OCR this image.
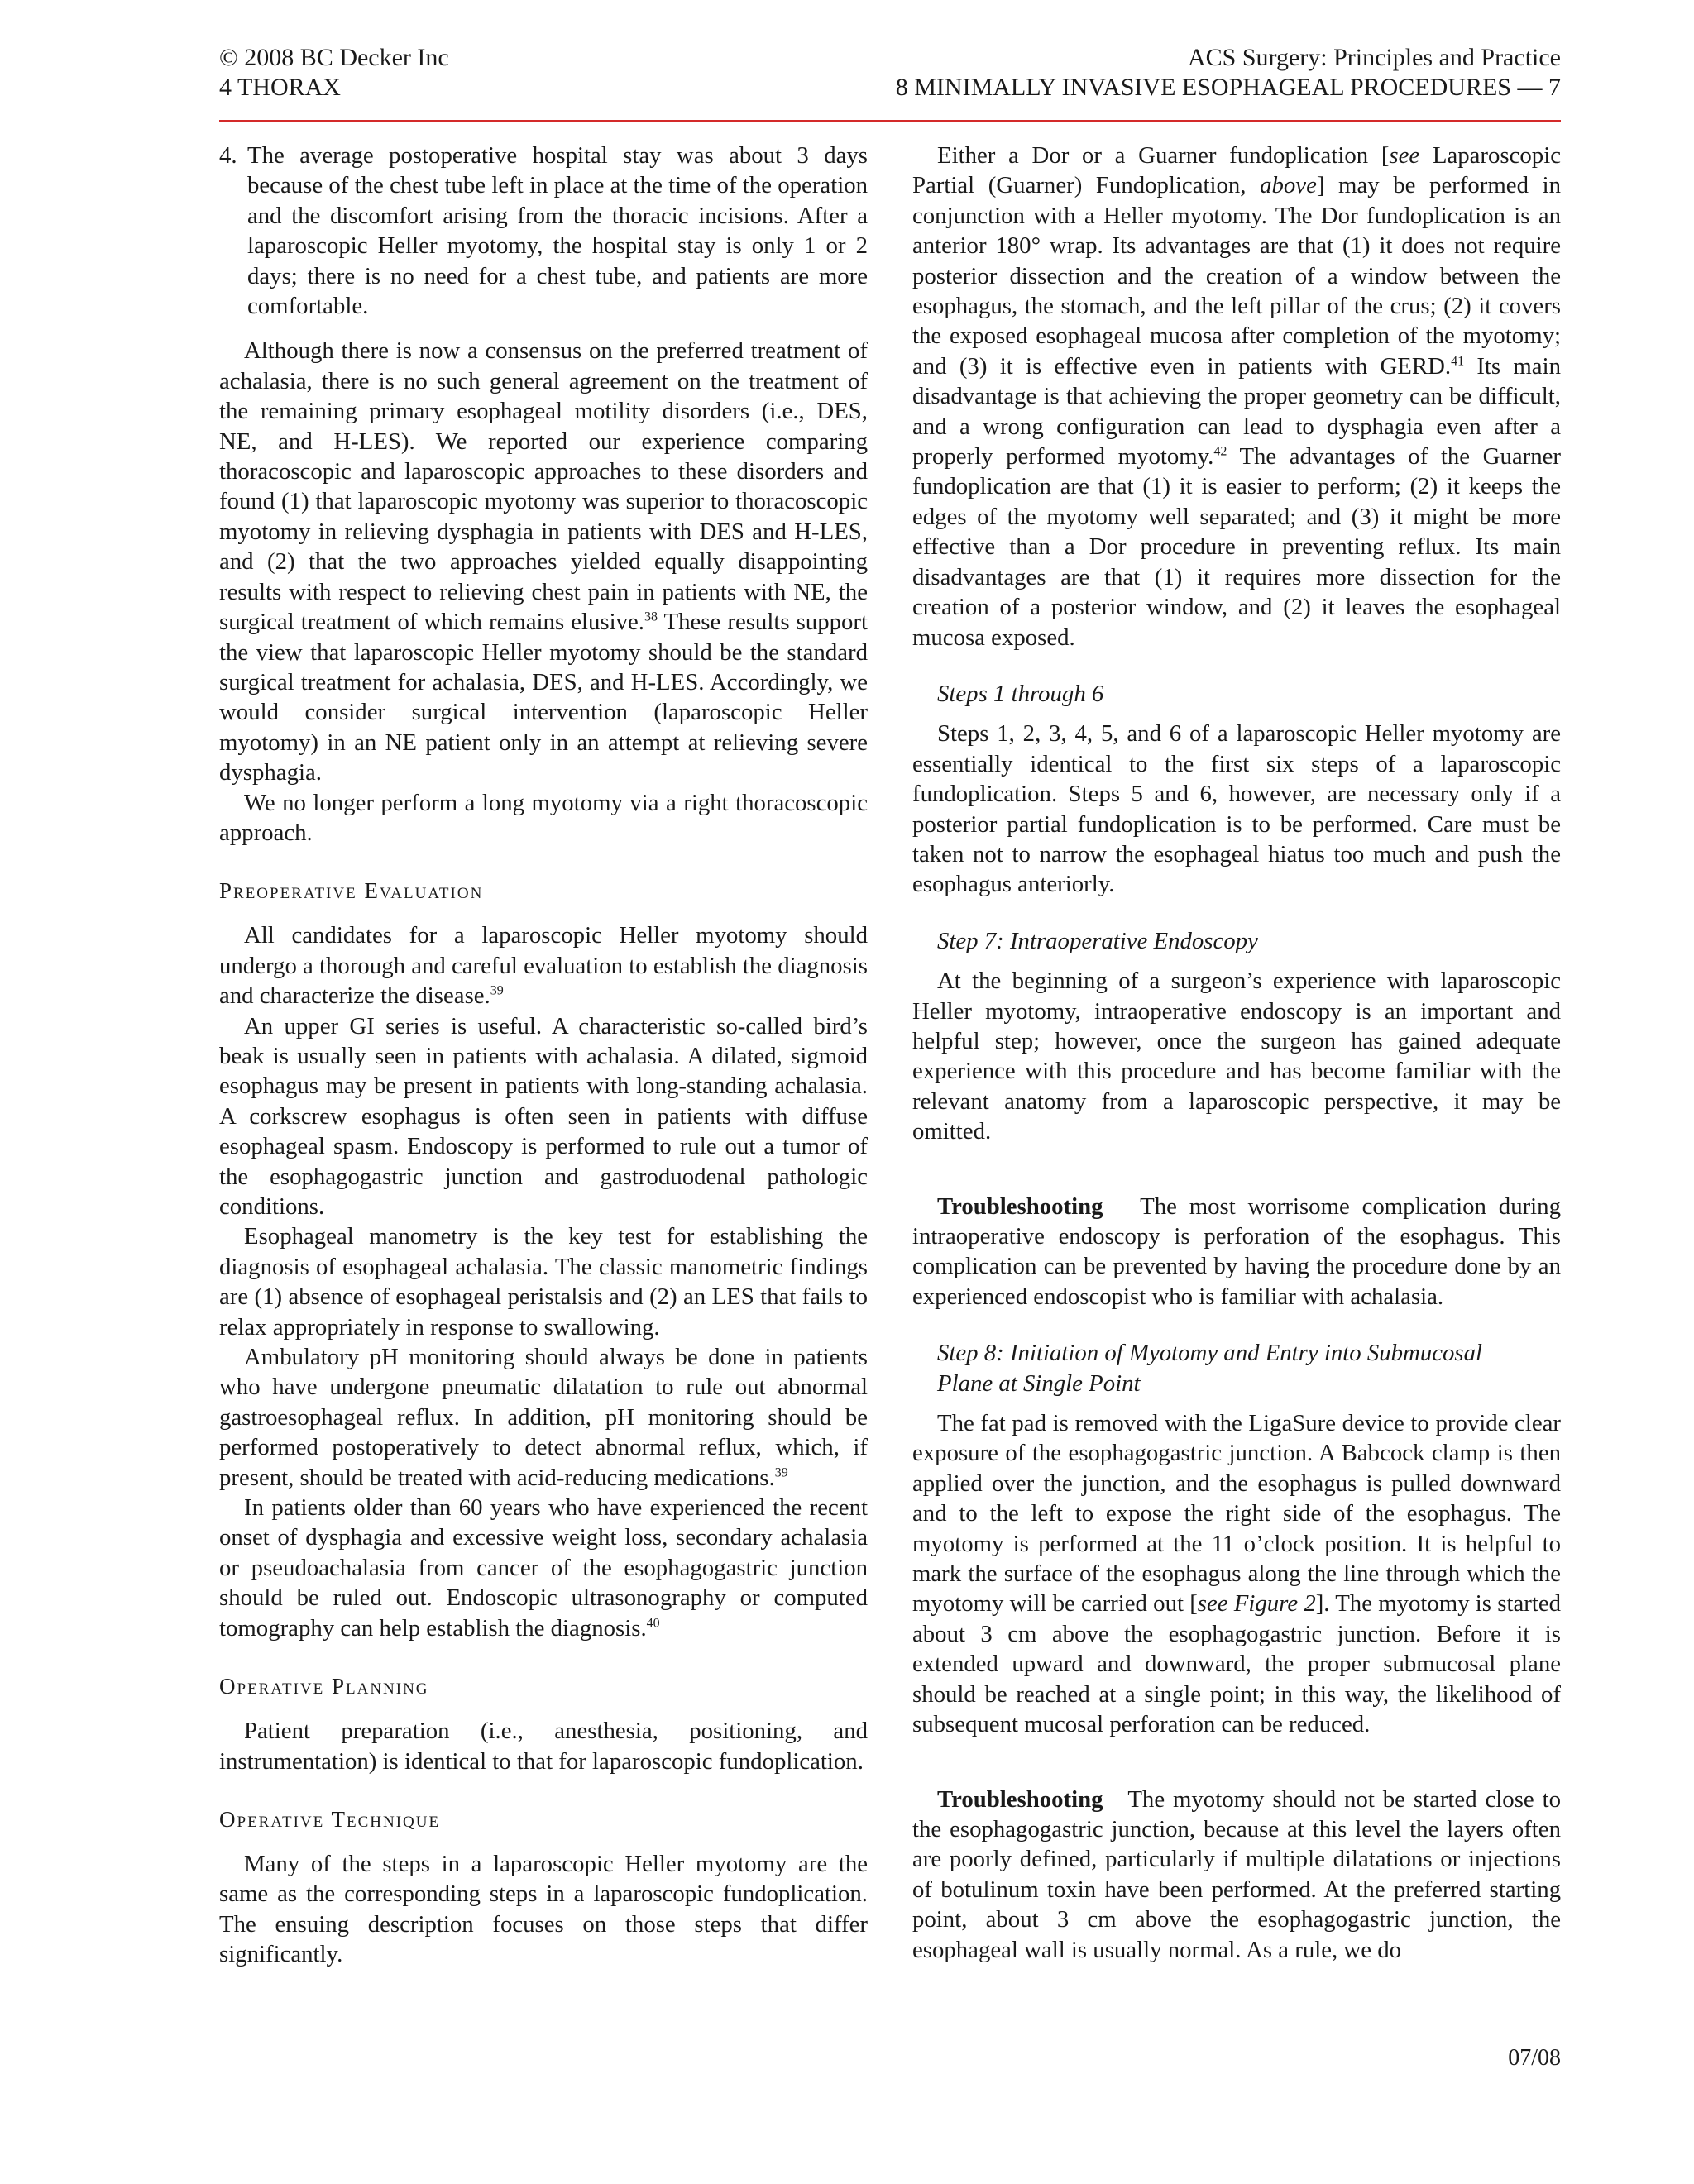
© 2008 BC Decker Inc	ACS Surgery: Principles and Practice
4 THORAX	8 MINIMALLY INVASIVE ESOPHAGEAL PROCEDURES — 7
4. The average postoperative hospital stay was about 3 days because of the chest tube left in place at the time of the operation and the discomfort arising from the thoracic incisions. After a laparoscopic Heller myotomy, the hospital stay is only 1 or 2 days; there is no need for a chest tube, and patients are more comfortable.

Although there is now a consensus on the preferred treatment of achalasia, there is no such general agreement on the treatment of the remaining primary esophageal motility disorders (i.e., DES, NE, and H-LES). We reported our experience comparing thoracoscopic and laparoscopic approaches to these disorders and found (1) that laparoscopic myotomy was superior to thoracoscopic myotomy in relieving dysphagia in patients with DES and H-LES, and (2) that the two approaches yielded equally disappointing results with respect to relieving chest pain in patients with NE, the surgical treatment of which remains elusive.$^{38}$ These results support the view that laparoscopic Heller myotomy should be the standard surgical treatment for achalasia, DES, and H-LES. Accordingly, we would consider surgical intervention (laparoscopic Heller myotomy) in an NE patient only in an attempt at relieving severe dysphagia.

We no longer perform a long myotomy via a right thoracoscopic approach.

Preoperative Evaluation

All candidates for a laparoscopic Heller myotomy should undergo a thorough and careful evaluation to establish the diagnosis and characterize the disease.$^{39}$

An upper GI series is useful. A characteristic so-called bird’s beak is usually seen in patients with achalasia. A dilated, sigmoid esophagus may be present in patients with long-standing achalasia. A corkscrew esophagus is often seen in patients with diffuse esophageal spasm. Endoscopy is performed to rule out a tumor of the esophagogastric junction and gastroduodenal pathologic conditions.

Esophageal manometry is the key test for establishing the diagnosis of esophageal achalasia. The classic manometric findings are (1) absence of esophageal peristalsis and (2) an LES that fails to relax appropriately in response to swallowing.

Ambulatory pH monitoring should always be done in patients who have undergone pneumatic dilatation to rule out abnormal gastroesophageal reflux. In addition, pH monitoring should be performed postoperatively to detect abnormal reflux, which, if present, should be treated with acid-reducing medications.$^{39}$

In patients older than 60 years who have experienced the recent onset of dysphagia and excessive weight loss, secondary achalasia or pseudoachalasia from cancer of the esophagogastric junction should be ruled out. Endoscopic ultrasonography or computed tomography can help establish the diagnosis.$^{40}$

Operative Planning

Patient preparation (i.e., anesthesia, positioning, and instrumentation) is identical to that for laparoscopic fundoplication.

Operative Technique

Many of the steps in a laparoscopic Heller myotomy are the same as the corresponding steps in a laparoscopic fundoplication. The ensuing description focuses on those steps that differ significantly.

Either a Dor or a Guarner fundoplication [see Laparoscopic Partial (Guarner) Fundoplication, above] may be performed in conjunction with a Heller myotomy. The Dor fundoplication is an anterior 180° wrap. Its advantages are that (1) it does not require posterior dissection and the creation of a window between the esophagus, the stomach, and the left pillar of the crus; (2) it covers the exposed esophageal mucosa after completion of the myotomy; and (3) it is effective even in patients with GERD.$^{41}$ Its main disadvantage is that achieving the proper geometry can be difficult, and a wrong configuration can lead to dysphagia even after a properly performed myotomy.$^{42}$ The advantages of the Guarner fundoplication are that (1) it is easier to perform; (2) it keeps the edges of the myotomy well separated; and (3) it might be more effective than a Dor procedure in preventing reflux. Its main disadvantages are that (1) it requires more dissection for the creation of a posterior window, and (2) it leaves the esophageal mucosa exposed.

Steps 1 through 6

Steps 1, 2, 3, 4, 5, and 6 of a laparoscopic Heller myotomy are essentially identical to the first six steps of a laparoscopic fundoplication. Steps 5 and 6, however, are necessary only if a posterior partial fundoplication is to be performed. Care must be taken not to narrow the esophageal hiatus too much and push the esophagus anteriorly.

Step 7: Intraoperative Endoscopy

At the beginning of a surgeon’s experience with laparoscopic Heller myotomy, intraoperative endoscopy is an important and helpful step; however, once the surgeon has gained adequate experience with this procedure and has become familiar with the relevant anatomy from a laparoscopic perspective, it may be omitted.

Troubleshooting The most worrisome complication during intraoperative endoscopy is perforation of the esophagus. This complication can be prevented by having the procedure done by an experienced endoscopist who is familiar with achalasia.

Step 8: Initiation of Myotomy and Entry into Submucosal
Plane at Single Point

The fat pad is removed with the LigaSure device to provide clear exposure of the esophagogastric junction. A Babcock clamp is then applied over the junction, and the esophagus is pulled downward and to the left to expose the right side of the esophagus. The myotomy is performed at the 11 o’clock position. It is helpful to mark the surface of the esophagus along the line through which the myotomy will be carried out [see Figure 2]. The myotomy is started about 3 cm above the esophagogastric junction. Before it is extended upward and downward, the proper submucosal plane should be reached at a single point; in this way, the likelihood of subsequent mucosal perforation can be reduced.

Troubleshooting The myotomy should not be started close to the esophagogastric junction, because at this level the layers often are poorly defined, particularly if multiple dilatations or injections of botulinum toxin have been performed. At the preferred starting point, about 3 cm above the esophagogastric junction, the esophageal wall is usually normal. As a rule, we do

07/08
